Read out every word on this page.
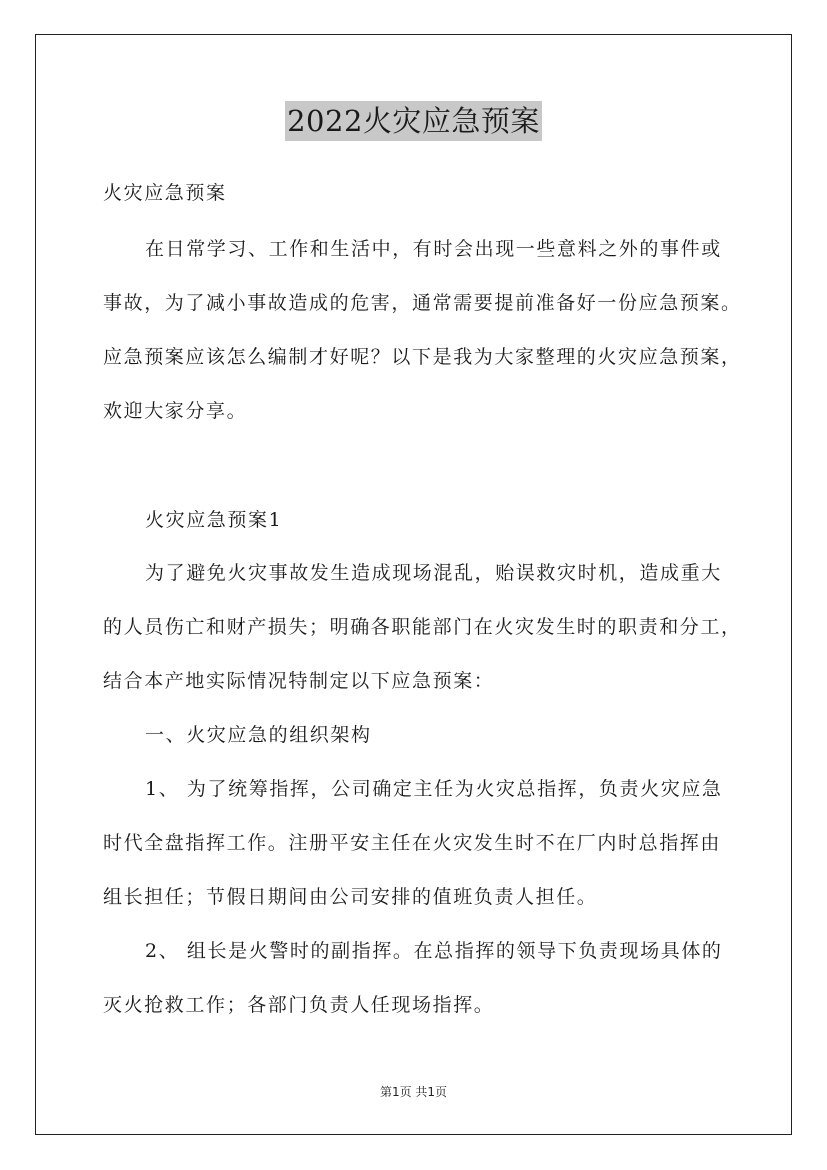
2022火灾应急预案
火灾应急预案
在日常学习、工作和生活中，有时会出现一些意料之外的事件或
事故，为了减小事故造成的危害，通常需要提前准备好一份应急预案。
应急预案应该怎么编制才好呢？以下是我为大家整理的火灾应急预案，
欢迎大家分享。
火灾应急预案1
为了避免火灾事故发生造成现场混乱，贻误救灾时机，造成重大
的人员伤亡和财产损失；明确各职能部门在火灾发生时的职责和分工，
结合本产地实际情况特制定以下应急预案：
一、火灾应急的组织架构
1、 为了统筹指挥，公司确定主任为火灾总指挥，负责火灾应急
时代全盘指挥工作。注册平安主任在火灾发生时不在厂内时总指挥由
组长担任；节假日期间由公司安排的值班负责人担任。
2、 组长是火警时的副指挥。在总指挥的领导下负责现场具体的
灭火抢救工作；各部门负责人任现场指挥。
第1页 共1页
